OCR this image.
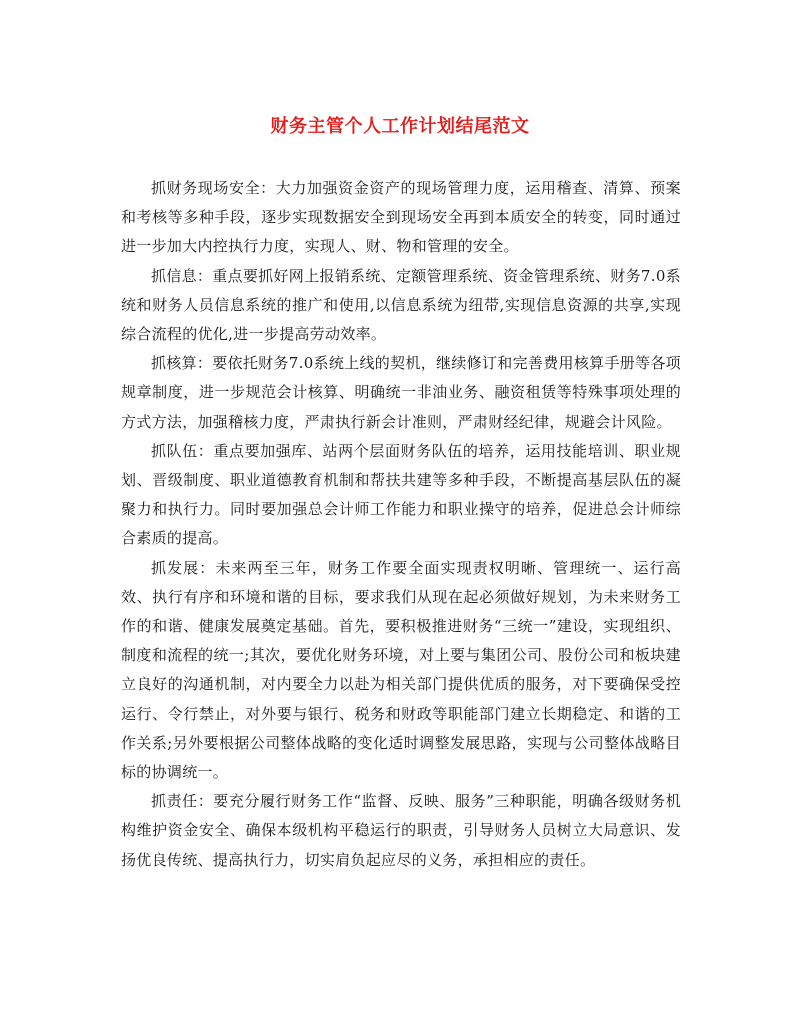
财务主管个人工作计划结尾范文

抓财务现场安全：大力加强资金资产的现场管理力度，运用稽查、清算、预案和考核等多种手段，逐步实现数据安全到现场安全再到本质安全的转变，同时通过进一步加大内控执行力度，实现人、财、物和管理的安全。

抓信息：重点要抓好网上报销系统、定额管理系统、资金管理系统、财务7.0系统和财务人员信息系统的推广和使用,以信息系统为纽带,实现信息资源的共享,实现综合流程的优化,进一步提高劳动效率。

抓核算：要依托财务7.0系统上线的契机，继续修订和完善费用核算手册等各项规章制度，进一步规范会计核算、明确统一非油业务、融资租赁等特殊事项处理的方式方法，加强稽核力度，严肃执行新会计准则，严肃财经纪律，规避会计风险。

抓队伍：重点要加强库、站两个层面财务队伍的培养，运用技能培训、职业规划、晋级制度、职业道德教育机制和帮扶共建等多种手段，不断提高基层队伍的凝聚力和执行力。同时要加强总会计师工作能力和职业操守的培养，促进总会计师综合素质的提高。

抓发展：未来两至三年，财务工作要全面实现责权明晰、管理统一、运行高效、执行有序和环境和谐的目标，要求我们从现在起必须做好规划，为未来财务工作的和谐、健康发展奠定基础。首先，要积极推进财务“三统一”建设，实现组织、制度和流程的统一;其次，要优化财务环境，对上要与集团公司、股份公司和板块建立良好的沟通机制，对内要全力以赴为相关部门提供优质的服务，对下要确保受控运行、令行禁止，对外要与银行、税务和财政等职能部门建立长期稳定、和谐的工作关系;另外要根据公司整体战略的变化适时调整发展思路，实现与公司整体战略目标的协调统一。

抓责任：要充分履行财务工作“监督、反映、服务”三种职能，明确各级财务机构维护资金安全、确保本级机构平稳运行的职责，引导财务人员树立大局意识、发扬优良传统、提高执行力，切实肩负起应尽的义务，承担相应的责任。
